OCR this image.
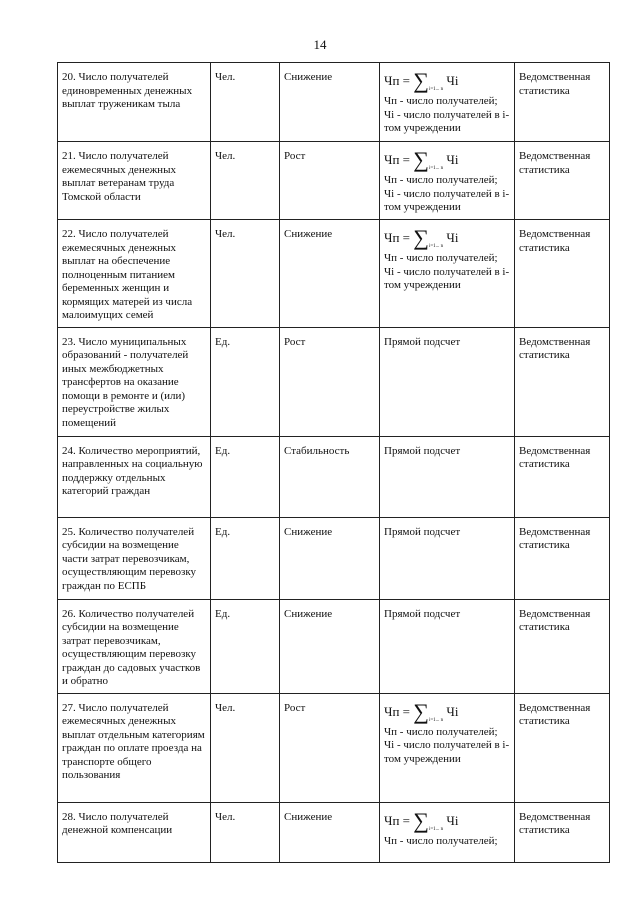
14
20. Число получателей единовременных денежных выплат труженикам тыла	Чел.	Снижение	Чп = $\sum_{i=1... n}$ Чi
Чп - число получателей;
Чi - число получателей в i-том учреждении	Ведомственная статистика
21. Число получателей ежемесячных денежных выплат ветеранам труда Томской области	Чел.	Рост	Чп = $\sum_{i=1... n}$ Чi
Чп - число получателей;
Чi - число получателей в i-том учреждении	Ведомственная статистика
22. Число получателей ежемесячных денежных выплат на обеспечение полноценным питанием беременных женщин и кормящих матерей из числа малоимущих семей	Чел.	Снижение	Чп = $\sum_{i=1... n}$ Чi
Чп - число получателей;
Чi - число получателей в i-том учреждении	Ведомственная статистика
23. Число муниципальных образований - получателей иных межбюджетных трансфертов на оказание помощи в ремонте и (или) переустройстве жилых помещений	Ед.	Рост	Прямой подсчет	Ведомственная статистика
24. Количество мероприятий, направленных на социальную поддержку отдельных категорий граждан	Ед.	Стабильность	Прямой подсчет	Ведомственная статистика
25. Количество получателей субсидии на возмещение части затрат перевозчикам, осуществляющим перевозку граждан по ЕСПБ	Ед.	Снижение	Прямой подсчет	Ведомственная статистика
26. Количество получателей субсидии на возмещение затрат перевозчикам, осуществляющим перевозку граждан до садовых участков и обратно	Ед.	Снижение	Прямой подсчет	Ведомственная статистика
27. Число получателей ежемесячных денежных выплат отдельным категориям граждан по оплате проезда на транспорте общего пользования	Чел.	Рост	Чп = $\sum_{i=1... n}$ Чi
Чп - число получателей;
Чi - число получателей в i-том учреждении	Ведомственная статистика
28. Число получателей денежной компенсации	Чел.	Снижение	Чп = $\sum_{i=1... n}$ Чi
Чп - число получателей;	Ведомственная статистика
